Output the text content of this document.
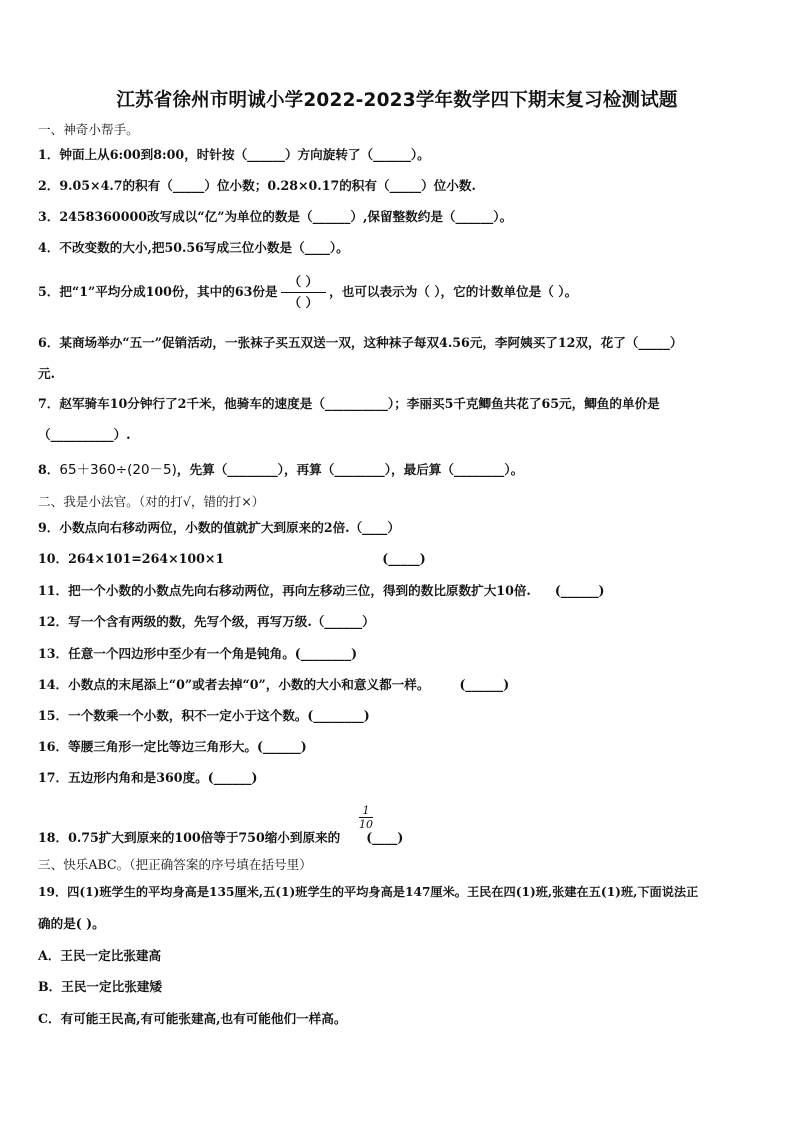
江苏省徐州市明诚小学2022-2023学年数学四下期末复习检测试题
一、神奇小帮手。
1．钟面上从6:00到8:00，时针按（______）方向旋转了（______）。
2．9.05×4.7的积有（_____）位小数；0.28×0.17的积有（_____）位小数.
3．2458360000改写成以“亿”为单位的数是（______）,保留整数约是（______）。
4．不改变数的大小,把50.56写成三位小数是（____）。
5．把“1”平均分成100份，其中的63份是 $\frac{( )}{( )}$ ，也可以表示为（ ），它的计数单位是（ ）。
6．某商场举办“五一”促销活动，一张袜子买五双送一双，这种袜子每双4.56元，李阿姨买了12双，花了（_____）
元.
7．赵军骑车10分钟行了2千米，他骑车的速度是（__________）；李丽买5千克鲫鱼共花了65元，鲫鱼的单价是
（__________）.
8．65＋360÷(20－5)，先算（________），再算（________），最后算（________）。
二、我是小法官。（对的打√，错的打×）
9．小数点向右移动两位，小数的值就扩大到原来的2倍.（____）
10．264×101=264×100×1	(_____)
11．把一个小数的小数点先向右移动两位，再向左移动三位，得到的数比原数扩大10倍. (______)
12．写一个含有两级的数，先写个级，再写万级.（______）
13．任意一个四边形中至少有一个角是钝角。(________)
14．小数点的末尾添上“0”或者去掉“0”，小数的大小和意义都一样。 (______)
15．一个数乘一个小数，积不一定小于这个数。(________)
16．等腰三角形一定比等边三角形大。(______)
17．五边形内角和是360度。(______)
$\frac{1}{10}$
18．0.75扩大到原来的100倍等于750缩小到原来的 (____)
三、快乐ABC。（把正确答案的序号填在括号里）
19．四(1)班学生的平均身高是135厘米,五(1)班学生的平均身高是147厘米。王民在四(1)班,张建在五(1)班,下面说法正
确的是( )。
A．王民一定比张建高
B．王民一定比张建矮
C．有可能王民高,有可能张建高,也有可能他们一样高。
